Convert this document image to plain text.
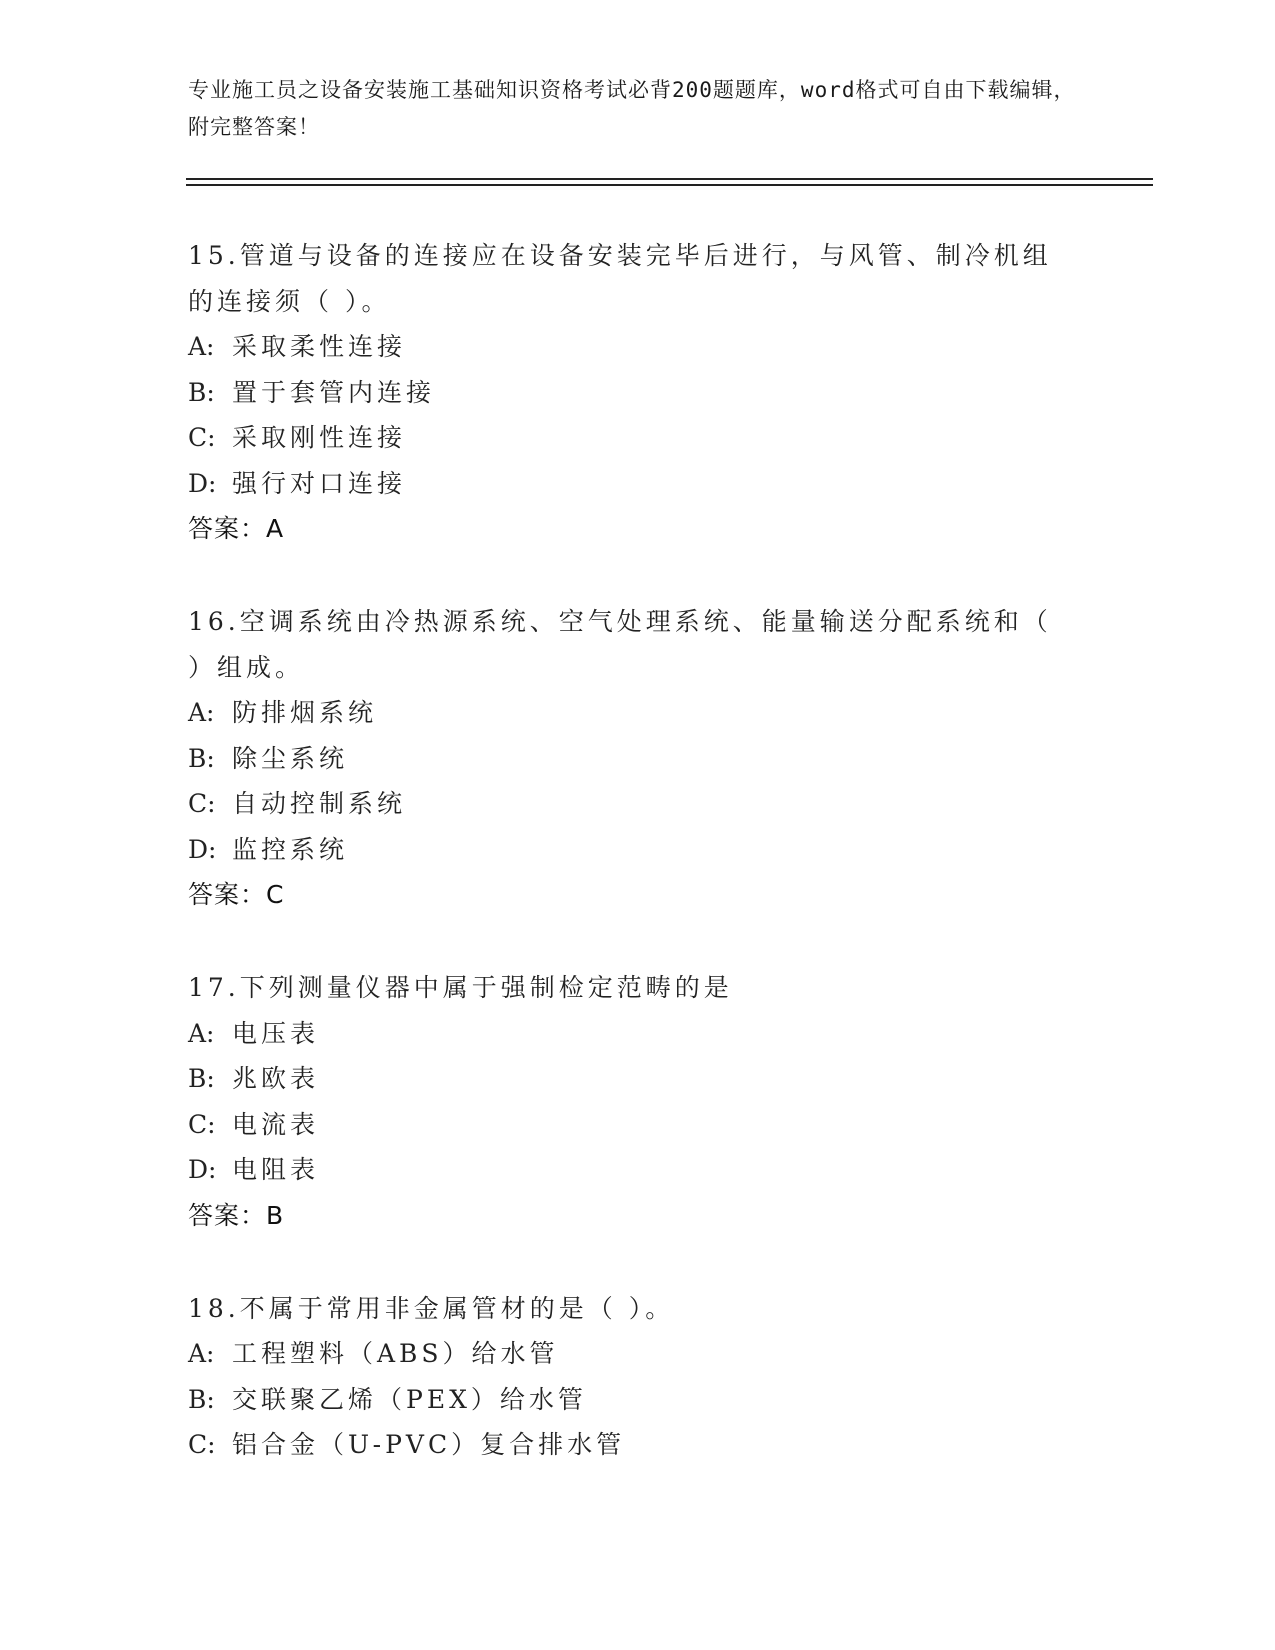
专业施工员之设备安装施工基础知识资格考试必背200题题库，word格式可自由下载编辑，附完整答案！
15.管道与设备的连接应在设备安装完毕后进行，与风管、制冷机组的连接须（ ）。
A: 采取柔性连接
B: 置于套管内连接
C: 采取刚性连接
D: 强行对口连接
答案：A
16.空调系统由冷热源系统、空气处理系统、能量输送分配系统和（ ）组成。
A: 防排烟系统
B: 除尘系统
C: 自动控制系统
D: 监控系统
答案：C
17.下列测量仪器中属于强制检定范畴的是
A: 电压表
B: 兆欧表
C: 电流表
D: 电阻表
答案：B
18.不属于常用非金属管材的是（ ）。
A: 工程塑料（ABS）给水管
B: 交联聚乙烯（PEX）给水管
C: 铝合金（U-PVC）复合排水管
